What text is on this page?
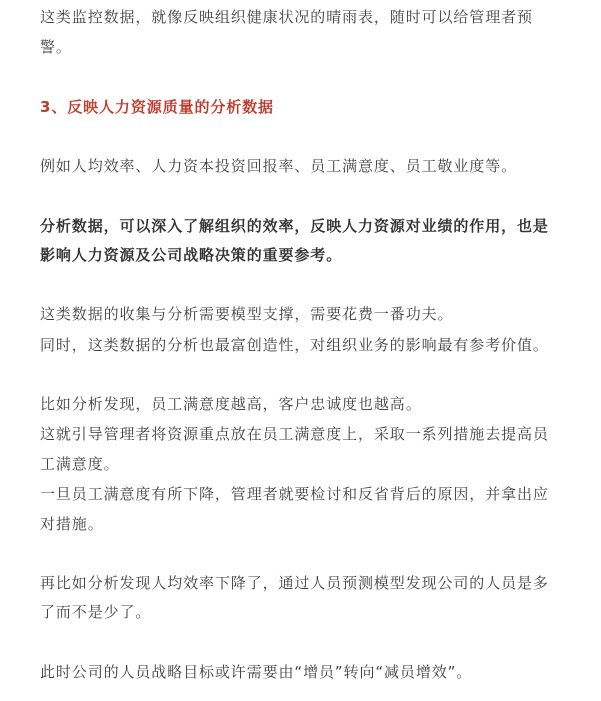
这类监控数据，就像反映组织健康状况的晴雨表，随时可以给管理者预
警。
3、反映人力资源质量的分析数据
例如人均效率、人力资本投资回报率、员工满意度、员工敬业度等。
分析数据，可以深入了解组织的效率，反映人力资源对业绩的作用，也是
影响人力资源及公司战略决策的重要参考。
这类数据的收集与分析需要模型支撑，需要花费一番功夫。
同时，这类数据的分析也最富创造性，对组织业务的影响最有参考价值。
比如分析发现，员工满意度越高，客户忠诚度也越高。
这就引导管理者将资源重点放在员工满意度上，采取一系列措施去提高员
工满意度。
一旦员工满意度有所下降，管理者就要检讨和反省背后的原因，并拿出应
对措施。
再比如分析发现人均效率下降了，通过人员预测模型发现公司的人员是多
了而不是少了。
此时公司的人员战略目标或许需要由“增员”转向“减员增效”。
